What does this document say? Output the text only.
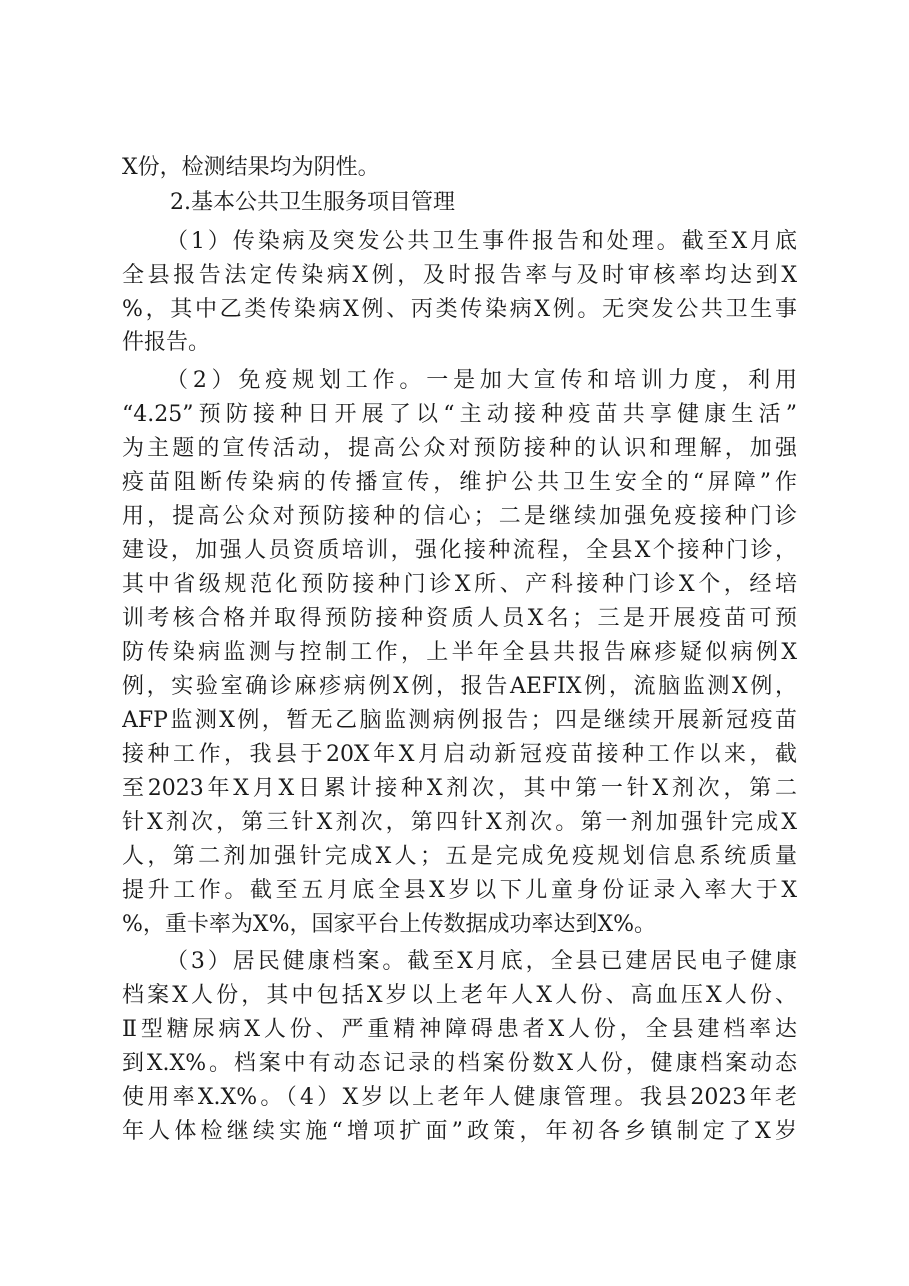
X份，检测结果均为阴性。
2.基本公共卫生服务项目管理
（1）传染病及突发公共卫生事件报告和处理。截至X月底
全县报告法定传染病X例，及时报告率与及时审核率均达到X
%，其中乙类传染病X例、丙类传染病X例。无突发公共卫生事
件报告。
（2）免疫规划工作。一是加大宣传和培训力度，利用
“4.25”预防接种日开展了以“主动接种疫苗共享健康生活”
为主题的宣传活动，提高公众对预防接种的认识和理解，加强
疫苗阻断传染病的传播宣传，维护公共卫生安全的“屏障”作
用，提高公众对预防接种的信心；二是继续加强免疫接种门诊
建设，加强人员资质培训，强化接种流程，全县X个接种门诊，
其中省级规范化预防接种门诊X所、产科接种门诊X个，经培
训考核合格并取得预防接种资质人员X名；三是开展疫苗可预
防传染病监测与控制工作，上半年全县共报告麻疹疑似病例X
例，实验室确诊麻疹病例X例，报告AEFIX例，流脑监测X例，
AFP监测X例，暂无乙脑监测病例报告；四是继续开展新冠疫苗
接种工作，我县于20X年X月启动新冠疫苗接种工作以来，截
至2023年X月X日累计接种X剂次，其中第一针X剂次，第二
针X剂次，第三针X剂次，第四针X剂次。第一剂加强针完成X
人，第二剂加强针完成X人；五是完成免疫规划信息系统质量
提升工作。截至五月底全县X岁以下儿童身份证录入率大于X
%，重卡率为X%，国家平台上传数据成功率达到X%。
（3）居民健康档案。截至X月底，全县已建居民电子健康
档案X人份，其中包括X岁以上老年人X人份、高血压X人份、
Ⅱ型糖尿病X人份、严重精神障碍患者X人份，全县建档率达
到X.X%。档案中有动态记录的档案份数X人份，健康档案动态
使用率X.X%。（4）X岁以上老年人健康管理。我县2023年老
年人体检继续实施“增项扩面”政策，年初各乡镇制定了X岁
